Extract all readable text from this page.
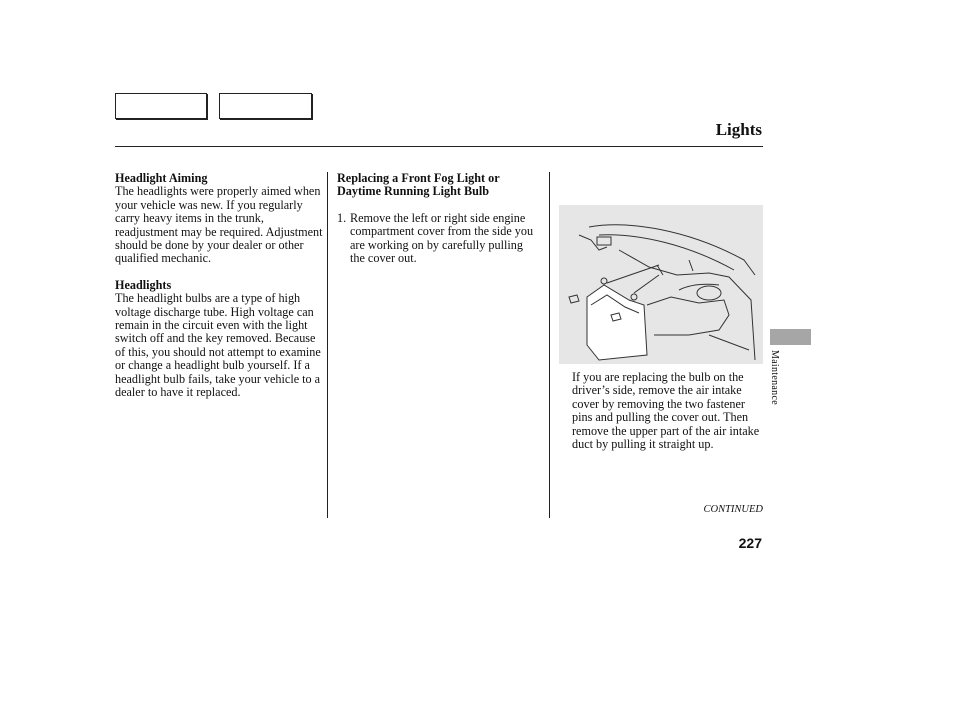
Lights
Headlight Aiming

The headlights were properly aimed when your vehicle was new. If you regularly carry heavy items in the trunk, readjustment may be required. Adjustment should be done by your dealer or other qualified mechanic.

Headlights

The headlight bulbs are a type of high voltage discharge tube. High voltage can remain in the circuit even with the light switch off and the key removed. Because of this, you should not attempt to examine or change a headlight bulb yourself. If a headlight bulb fails, take your vehicle to a dealer to have it replaced.

Replacing a Front Fog Light or
Daytime Running Light Bulb
1. Remove the left or right side engine compartment cover from the side you are working on by carefully pulling the cover out.

If you are replacing the bulb on the driver’s side, remove the air intake cover by removing the two fastener pins and pulling the cover out. Then remove the upper part of the air intake duct by pulling it straight up.

CONTINUED
227
Maintenance
